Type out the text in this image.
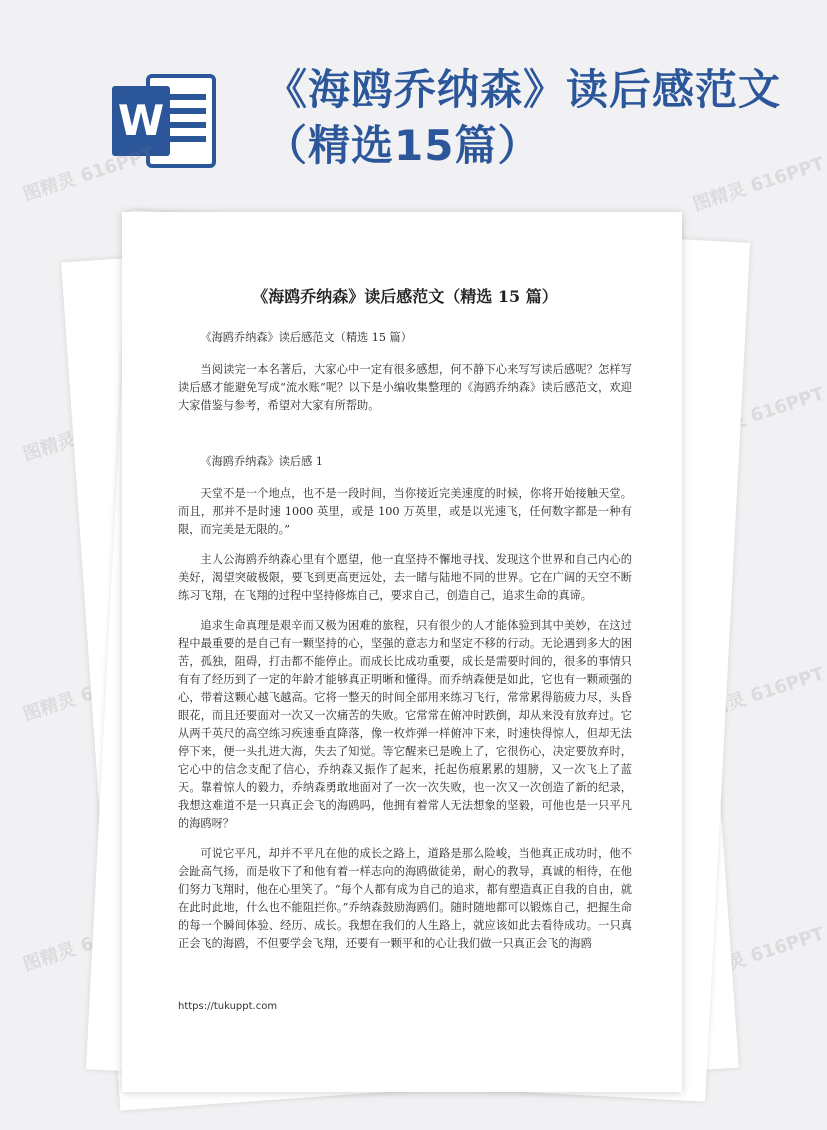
W
《海鸥乔纳森》读后感范文（精选15篇）
图精灵 616PPT	图精灵 616PPT
图精灵
图精灵 616PPT
图精灵 616PPT	图精灵 616PPT
图精灵 616PPT	图精灵 616PPT
《海鸥乔纳森》读后感范文（精选 15 篇）

《海鸥乔纳森》读后感范文（精选 15 篇）

当阅读完一本名著后，大家心中一定有很多感想，何不静下心来写写读后感呢？怎样写读后感才能避免写成“流水账”呢？以下是小编收集整理的《海鸥乔纳森》读后感范文，欢迎大家借鉴与参考，希望对大家有所帮助。

《海鸥乔纳森》读后感 1

天堂不是一个地点，也不是一段时间，当你接近完美速度的时候，你将开始接触天堂。而且，那并不是时速 1000 英里，或是 100 万英里，或是以光速飞，任何数字都是一种有限，而完美是无限的。”

主人公海鸥乔纳森心里有个愿望，他一直坚持不懈地寻找、发现这个世界和自己内心的美好，渴望突破极限，要飞到更高更远处，去一睹与陆地不同的世界。它在广阔的天空不断练习飞翔，在飞翔的过程中坚持修炼自己，要求自己，创造自己，追求生命的真谛。

追求生命真理是艰辛而又极为困难的旅程，只有很少的人才能体验到其中美妙，在这过程中最重要的是自己有一颗坚持的心，坚强的意志力和坚定不移的行动。无论遇到多大的困苦，孤独，阻碍，打击都不能停止。而成长比成功重要，成长是需要时间的，很多的事情只有有了经历到了一定的年龄才能够真正明晰和懂得。而乔纳森便是如此，它也有一颗顽强的心，带着这颗心越飞越高。它将一整天的时间全部用来练习飞行，常常累得筋疲力尽，头昏眼花，而且还要面对一次又一次痛苦的失败。它常常在俯冲时跌倒，却从来没有放弃过。它从两千英尺的高空练习疾速垂直降落，像一枚炸弹一样俯冲下来，时速快得惊人，但却无法停下来，便一头扎进大海，失去了知觉。等它醒来已是晚上了，它很伤心，决定要放弃时，它心中的信念支配了信心，乔纳森又振作了起来，托起伤痕累累的翅膀，又一次飞上了蓝天。靠着惊人的毅力，乔纳森勇敢地面对了一次一次失败，也一次又一次创造了新的纪录，我想这难道不是一只真正会飞的海鸥吗，他拥有着常人无法想象的坚毅，可他也是一只平凡的海鸥呀？

可说它平凡，却并不平凡在他的成长之路上，道路是那么险峻，当他真正成功时，他不会趾高气扬，而是收下了和他有着一样志向的海鸥做徒弟，耐心的教导，真诚的相待，在他们努力飞翔时，他在心里笑了。“每个人都有成为自己的追求，都有塑造真正自我的自由，就在此时此地，什么也不能阻拦你。”乔纳森鼓励海鸥们。随时随地都可以锻炼自己，把握生命的每一个瞬间体验、经历、成长。我想在我们的人生路上，就应该如此去看待成功。一只真正会飞的海鸥，不但要学会飞翔，还要有一颗平和的心让我们做一只真正会飞的海鸥

https://tukuppt.com
